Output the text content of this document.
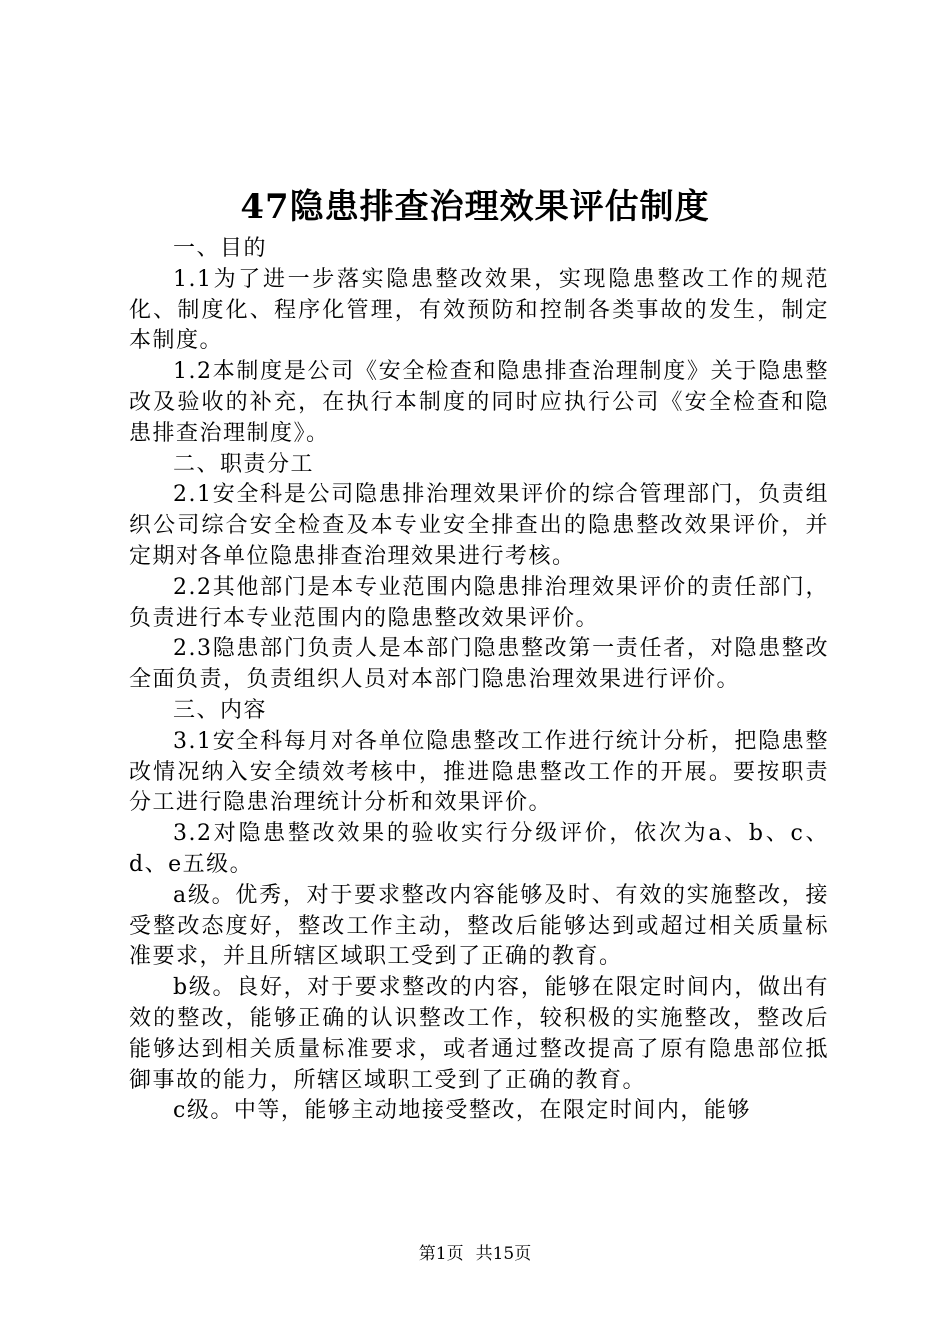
47隐患排查治理效果评估制度

一、目的

1.1为了进一步落实隐患整改效果，实现隐患整改工作的规范化、制度化、程序化管理，有效预防和控制各类事故的发生，制定本制度。

1.2本制度是公司《安全检查和隐患排查治理制度》关于隐患整改及验收的补充，在执行本制度的同时应执行公司《安全检查和隐患排查治理制度》。

二、职责分工

2.1安全科是公司隐患排治理效果评价的综合管理部门，负责组织公司综合安全检查及本专业安全排查出的隐患整改效果评价，并定期对各单位隐患排查治理效果进行考核。

2.2其他部门是本专业范围内隐患排治理效果评价的责任部门，负责进行本专业范围内的隐患整改效果评价。

2.3隐患部门负责人是本部门隐患整改第一责任者，对隐患整改全面负责，负责组织人员对本部门隐患治理效果进行评价。

三、内容

3.1安全科每月对各单位隐患整改工作进行统计分析，把隐患整改情况纳入安全绩效考核中，推进隐患整改工作的开展。要按职责分工进行隐患治理统计分析和效果评价。

3.2对隐患整改效果的验收实行分级评价，依次为a、b、c、d、e五级。

a级。优秀，对于要求整改内容能够及时、有效的实施整改，接受整改态度好，整改工作主动，整改后能够达到或超过相关质量标准要求，并且所辖区域职工受到了正确的教育。

b级。良好，对于要求整改的内容，能够在限定时间内，做出有效的整改，能够正确的认识整改工作，较积极的实施整改，整改后能够达到相关质量标准要求，或者通过整改提高了原有隐患部位抵御事故的能力，所辖区域职工受到了正确的教育。

c级。中等，能够主动地接受整改，在限定时间内，能够

第1页 共15页
